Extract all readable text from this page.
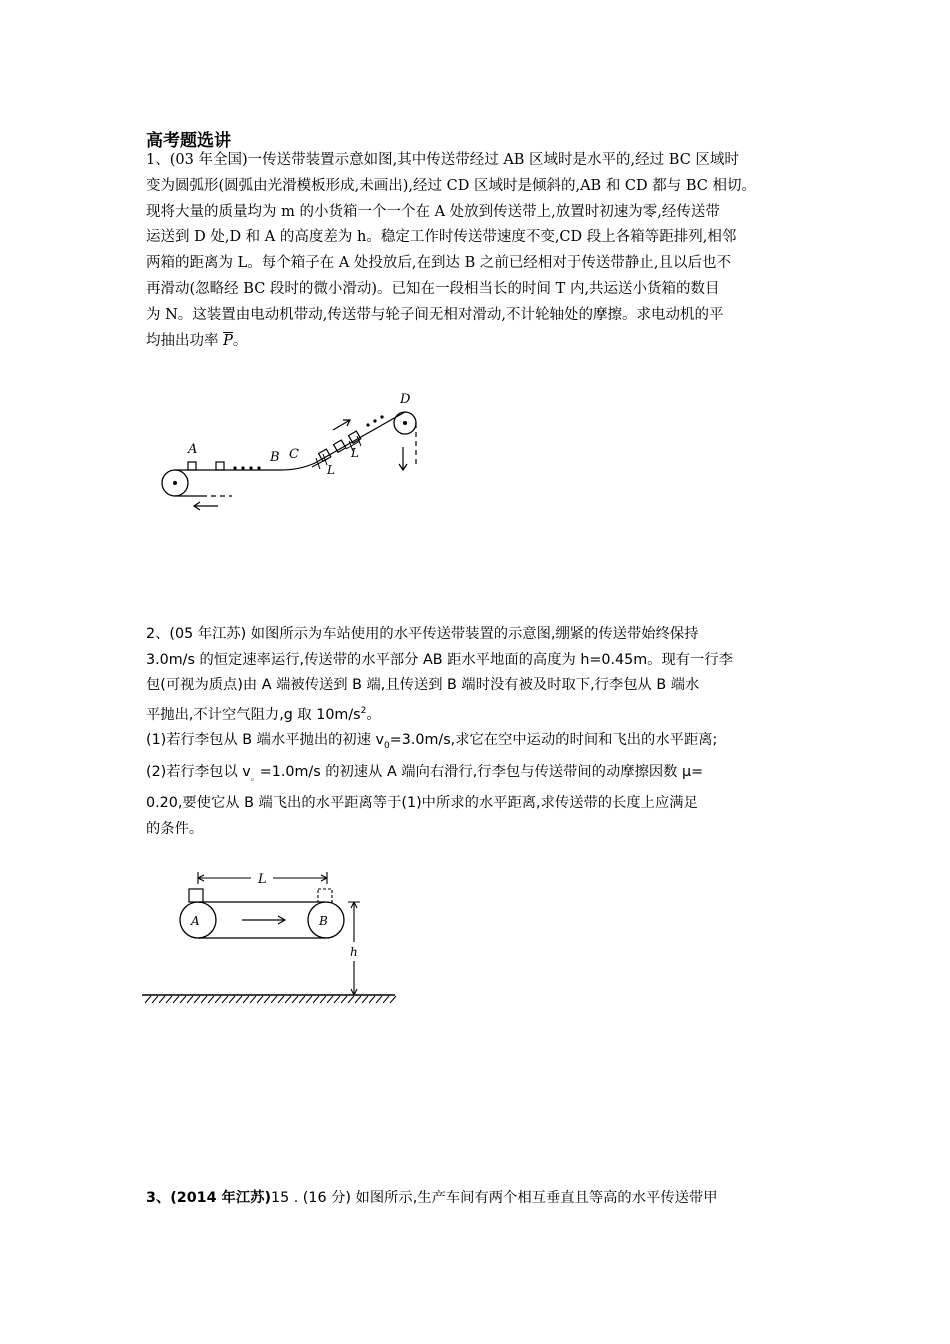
高考题选讲
1、(03 年全国)一传送带装置示意如图,其中传送带经过 AB 区域时是水平的,经过 BC 区域时
变为圆弧形(圆弧由光滑模板形成,未画出),经过 CD 区域时是倾斜的,AB 和 CD 都与 BC 相切。
现将大量的质量均为 m 的小货箱一个一个在 A 处放到传送带上,放置时初速为零,经传送带
运送到 D 处,D 和 A 的高度差为 h。稳定工作时传送带速度不变,CD 段上各箱等距排列,相邻
两箱的距离为 L。每个箱子在 A 处投放后,在到达 B 之前已经相对于传送带静止,且以后也不
再滑动(忽略经 BC 段时的微小滑动)。已知在一段相当长的时间 T 内,共运送小货箱的数目
为 N。这装置由电动机带动,传送带与轮子间无相对滑动,不计轮轴处的摩擦。求电动机的平
均抽出功率 $\overline{P}$。
A
B C
D
L
L
2、(05 年江苏) 如图所示为车站使用的水平传送带装置的示意图,绷紧的传送带始终保持
3.0m/s 的恒定速率运行,传送带的水平部分 AB 距水平地面的高度为 h=0.45m。现有一行李
包(可视为质点)由 A 端被传送到 B 端,且传送到 B 端时没有被及时取下,行李包从 B 端水
平抛出,不计空气阻力,g 取 $10m/s^2$。
(1)若行李包从 B 端水平抛出的初速 $v_0=3.0m/s$,求它在空中运动的时间和飞出的水平距离;
(2)若行李包以 $v_。=1.0m/s$ 的初速从 A 端向右滑行,行李包与传送带间的动摩擦因数 μ=
0.20,要使它从 B 端飞出的水平距离等于(1)中所求的水平距离,求传送带的长度上应满足
的条件。
L
A	B
h
3、(2014 年江苏)15 . (16 分) 如图所示,生产车间有两个相互垂直且等高的水平传送带甲
